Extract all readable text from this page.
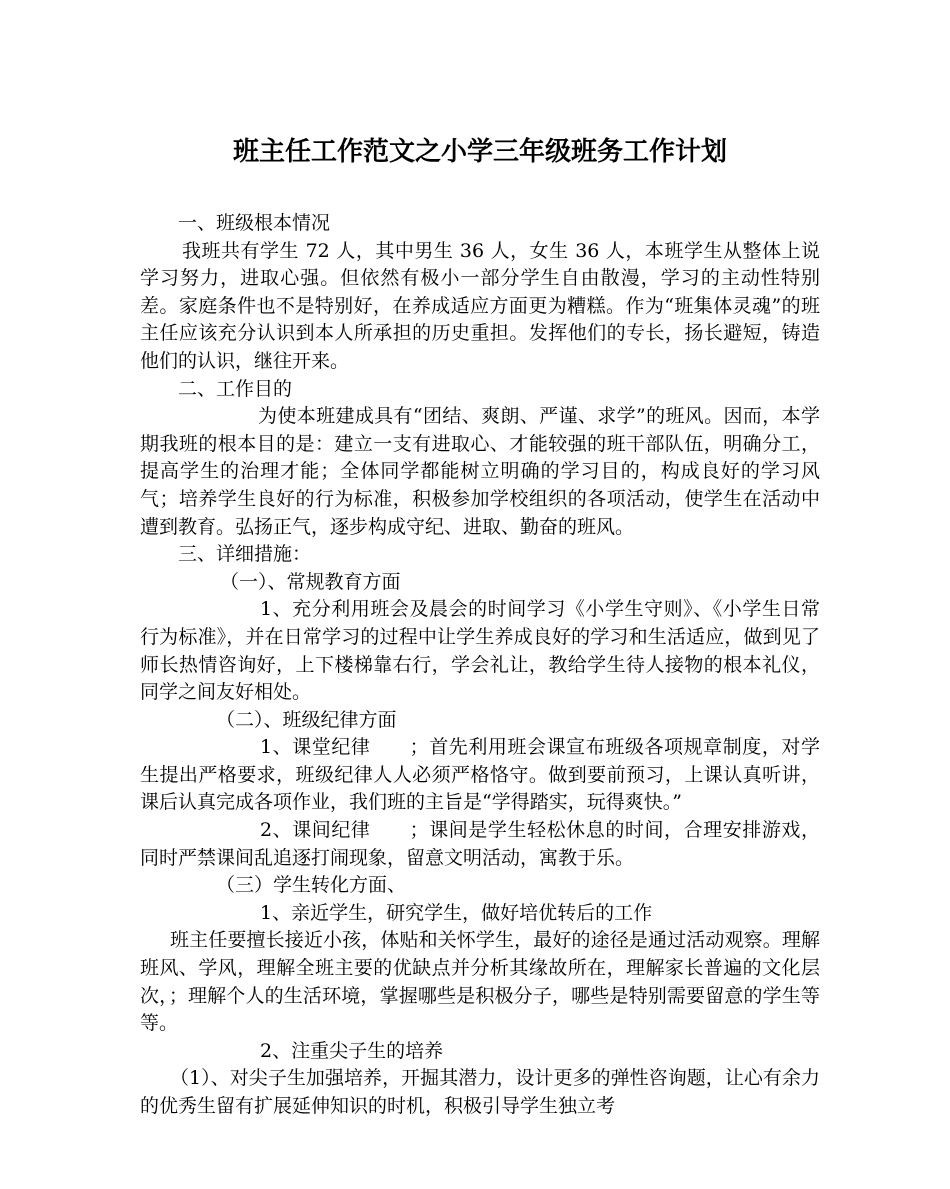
班主任工作范文之小学三年级班务工作计划

一、班级根本情况

我班共有学生 72 人，其中男生 36 人，女生 36 人，本班学生从整体上说学习努力，进取心强。但依然有极小一部分学生自由散漫，学习的主动性特别差。家庭条件也不是特别好，在养成适应方面更为糟糕。作为“班集体灵魂”的班主任应该充分认识到本人所承担的历史重担。发挥他们的专长，扬长避短，铸造他们的认识，继往开来。

二、工作目的

为使本班建成具有“团结、爽朗、严谨、求学”的班风。因而，本学期我班的根本目的是：建立一支有进取心、才能较强的班干部队伍，明确分工，提高学生的治理才能；全体同学都能树立明确的学习目的，构成良好的学习风气；培养学生良好的行为标准，积极参加学校组织的各项活动，使学生在活动中遭到教育。弘扬正气，逐步构成守纪、进取、勤奋的班风。

三、详细措施：

（一）、常规教育方面

1、充分利用班会及晨会的时间学习《小学生守则》、《小学生日常行为标准》，并在日常学习的过程中让学生养成良好的学习和生活适应，做到见了师长热情咨询好，上下楼梯靠右行，学会礼让，教给学生待人接物的根本礼仪，同学之间友好相处。

（二）、班级纪律方面

1、课堂纪律　　；首先利用班会课宣布班级各项规章制度，对学生提出严格要求，班级纪律人人必须严格恪守。做到要前预习，上课认真听讲，课后认真完成各项作业，我们班的主旨是“学得踏实，玩得爽快。”

2、课间纪律　　；课间是学生轻松休息的时间，合理安排游戏，同时严禁课间乱追逐打闹现象，留意文明活动，寓教于乐。

（三）学生转化方面、

1、亲近学生，研究学生，做好培优转后的工作

班主任要擅长接近小孩，体贴和关怀学生，最好的途径是通过活动观察。理解班风、学风，理解全班主要的优缺点并分析其缘故所在，理解家长普遍的文化层次，；理解个人的生活环境，掌握哪些是积极分子，哪些是特别需要留意的学生等等。

2、注重尖子生的培养

（1）、对尖子生加强培养，开掘其潜力，设计更多的弹性咨询题，让心有余力的优秀生留有扩展延伸知识的时机，积极引导学生独立考
